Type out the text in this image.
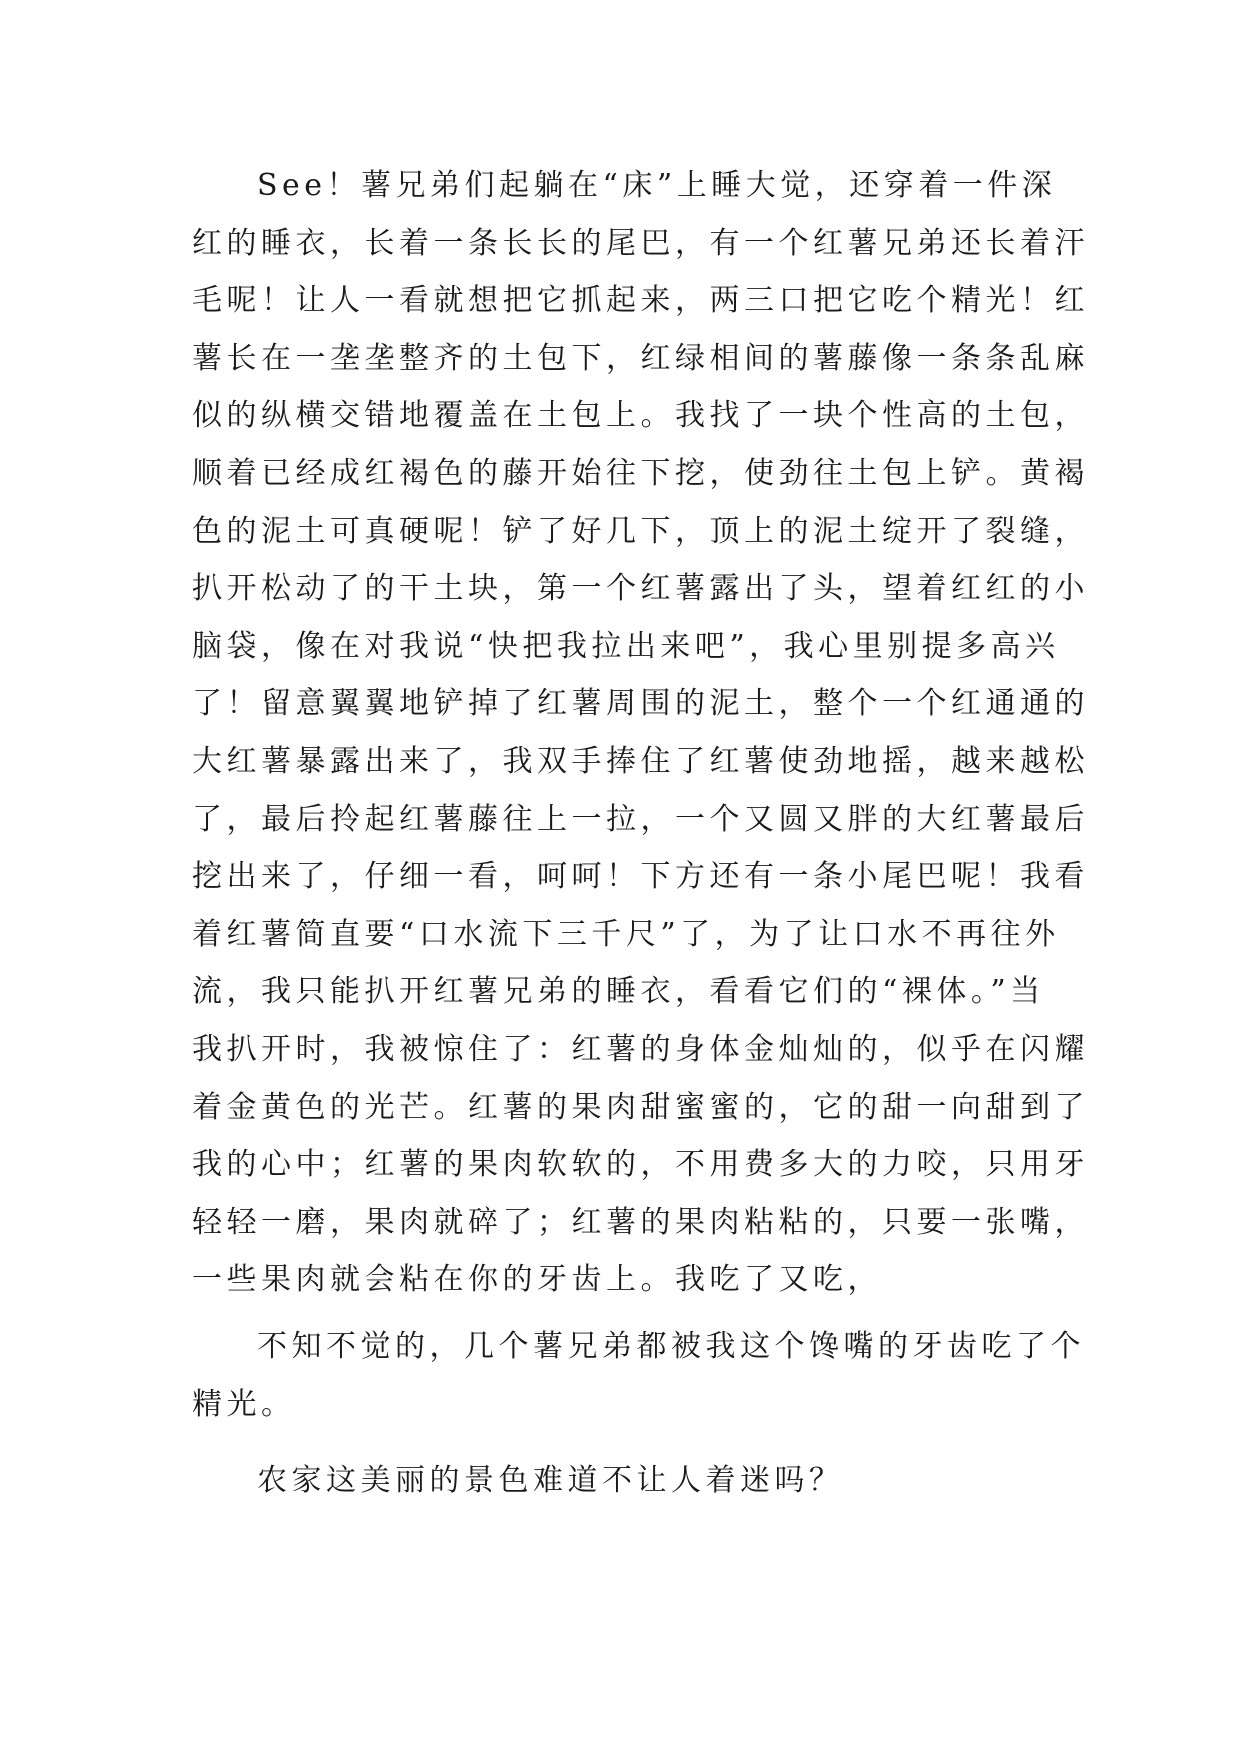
See！薯兄弟们起躺在“床”上睡大觉，还穿着一件深
红的睡衣，长着一条长长的尾巴，有一个红薯兄弟还长着汗
毛呢！让人一看就想把它抓起来，两三口把它吃个精光！红
薯长在一垄垄整齐的土包下，红绿相间的薯藤像一条条乱麻
似的纵横交错地覆盖在土包上。我找了一块个性高的土包，
顺着已经成红褐色的藤开始往下挖，使劲往土包上铲。黄褐
色的泥土可真硬呢！铲了好几下，顶上的泥土绽开了裂缝，
扒开松动了的干土块，第一个红薯露出了头，望着红红的小
脑袋，像在对我说“快把我拉出来吧”，我心里别提多高兴
了！留意翼翼地铲掉了红薯周围的泥土，整个一个红通通的
大红薯暴露出来了，我双手捧住了红薯使劲地摇，越来越松
了，最后拎起红薯藤往上一拉，一个又圆又胖的大红薯最后
挖出来了，仔细一看，呵呵！下方还有一条小尾巴呢！我看
着红薯简直要“口水流下三千尺”了，为了让口水不再往外
流，我只能扒开红薯兄弟的睡衣，看看它们的“裸体。”当
我扒开时，我被惊住了：红薯的身体金灿灿的，似乎在闪耀
着金黄色的光芒。红薯的果肉甜蜜蜜的，它的甜一向甜到了
我的心中；红薯的果肉软软的，不用费多大的力咬，只用牙
轻轻一磨，果肉就碎了；红薯的果肉粘粘的，只要一张嘴，
一些果肉就会粘在你的牙齿上。我吃了又吃，
不知不觉的，几个薯兄弟都被我这个馋嘴的牙齿吃了个
精光。
农家这美丽的景色难道不让人着迷吗？
